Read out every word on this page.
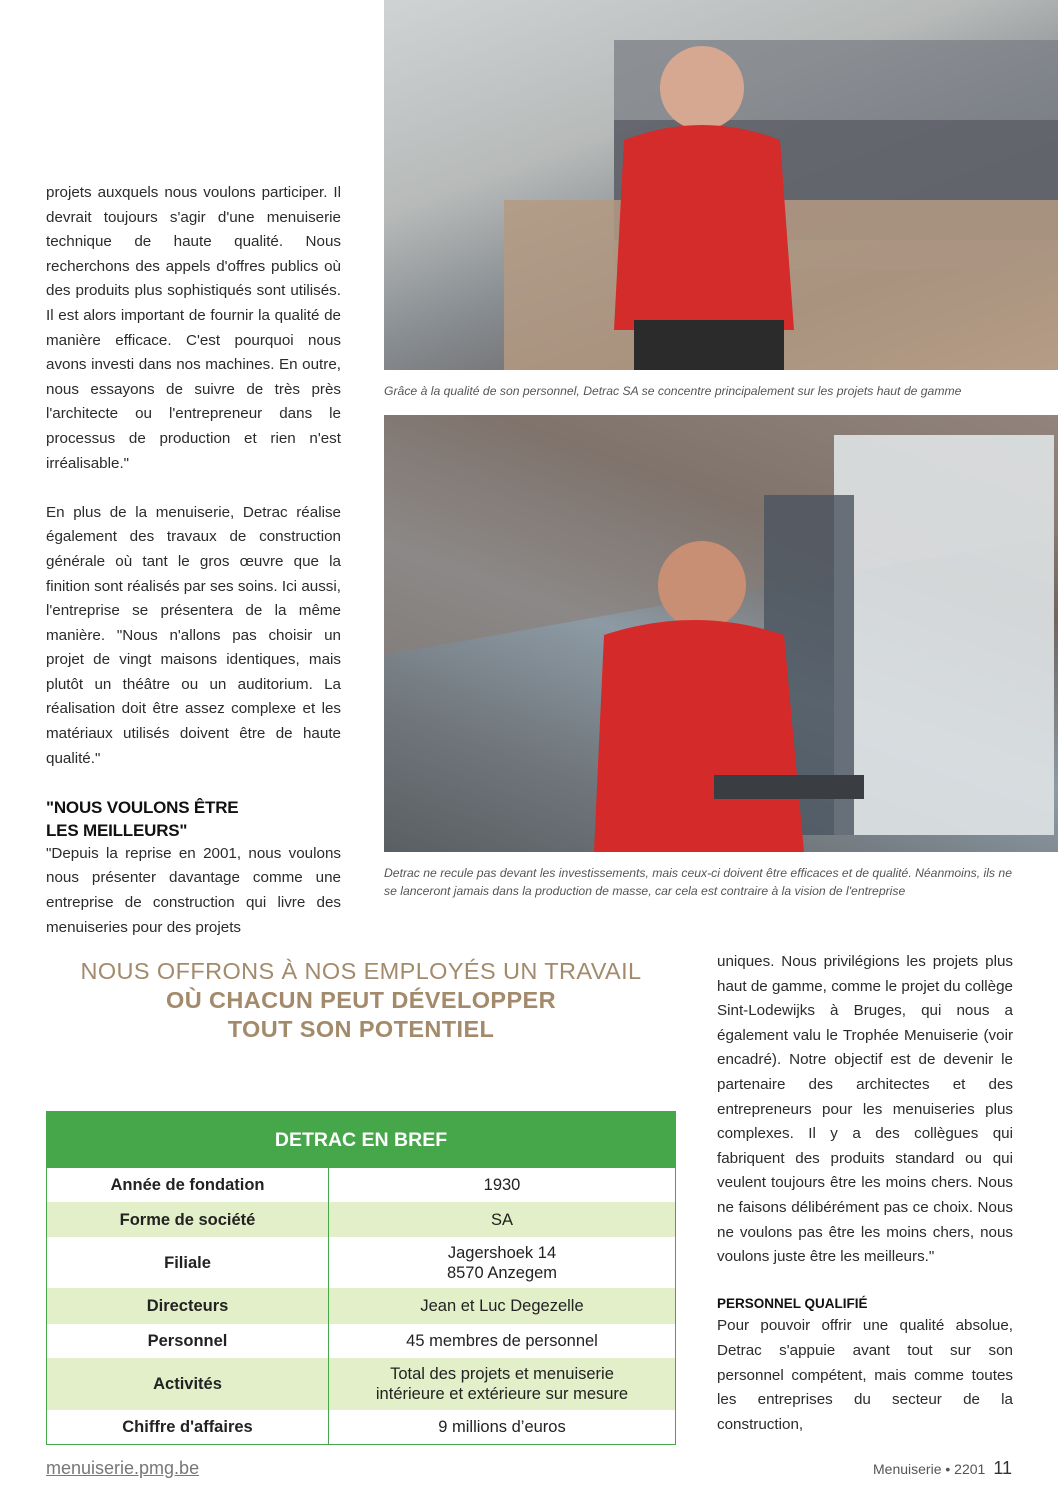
projets auxquels nous voulons participer. Il devrait toujours s'agir d'une menuiserie technique de haute qualité. Nous recherchons des appels d'offres publics où des produits plus sophistiqués sont utilisés. Il est alors important de fournir la qualité de manière efficace. C'est pourquoi nous avons investi dans nos machines. En outre, nous essayons de suivre de très près l'architecte ou l'entrepreneur dans le processus de production et rien n'est irréalisable."

En plus de la menuiserie, Detrac réalise également des travaux de construction générale où tant le gros œuvre que la finition sont réalisés par ses soins. Ici aussi, l'entreprise se présentera de la même manière. "Nous n'allons pas choisir un projet de vingt maisons identiques, mais plutôt un théâtre ou un auditorium. La réalisation doit être assez complexe et les matériaux utilisés doivent être de haute qualité."

"NOUS VOULONS ÊTRE
LES MEILLEURS"

"Depuis la reprise en 2001, nous voulons nous présenter davantage comme une entreprise de construction qui livre des menuiseries pour des projets

Grâce à la qualité de son personnel, Detrac SA se concentre principalement sur les projets haut de gamme
Detrac ne recule pas devant les investissements, mais ceux-ci doivent être efficaces et de qualité. Néanmoins, ils ne se lanceront jamais dans la production de masse, car cela est contraire à la vision de l'entreprise
NOUS OFFRONS À NOS EMPLOYÉS UN TRAVAIL
OÙ CHACUN PEUT DÉVELOPPER
TOUT SON POTENTIEL
DETRAC EN BREF
Année de fondation	1930
Forme de société	SA
Filiale	Jagershoek 14
8570 Anzegem
Directeurs	Jean et Luc Degezelle
Personnel	45 membres de personnel
Activités	Total des projets et menuiserie
intérieure et extérieure sur mesure
Chiffre d'affaires	9 millions d’euros

uniques. Nous privilégions les projets plus haut de gamme, comme le projet du collège Sint-Lodewijks à Bruges, qui nous a également valu le Trophée Menuiserie (voir encadré). Notre objectif est de devenir le partenaire des architectes et des entrepreneurs pour les menuiseries plus complexes. Il y a des collègues qui fabriquent des produits standard ou qui veulent toujours être les moins chers. Nous ne faisons délibérément pas ce choix. Nous ne voulons pas être les moins chers, nous voulons juste être les meilleurs."

PERSONNEL QUALIFIÉ

Pour pouvoir offrir une qualité absolue, Detrac s'appuie avant tout sur son personnel compétent, mais comme toutes les entreprises du secteur de la construction,

menuiserie.pmg.be	Menuiserie • 2201 11
